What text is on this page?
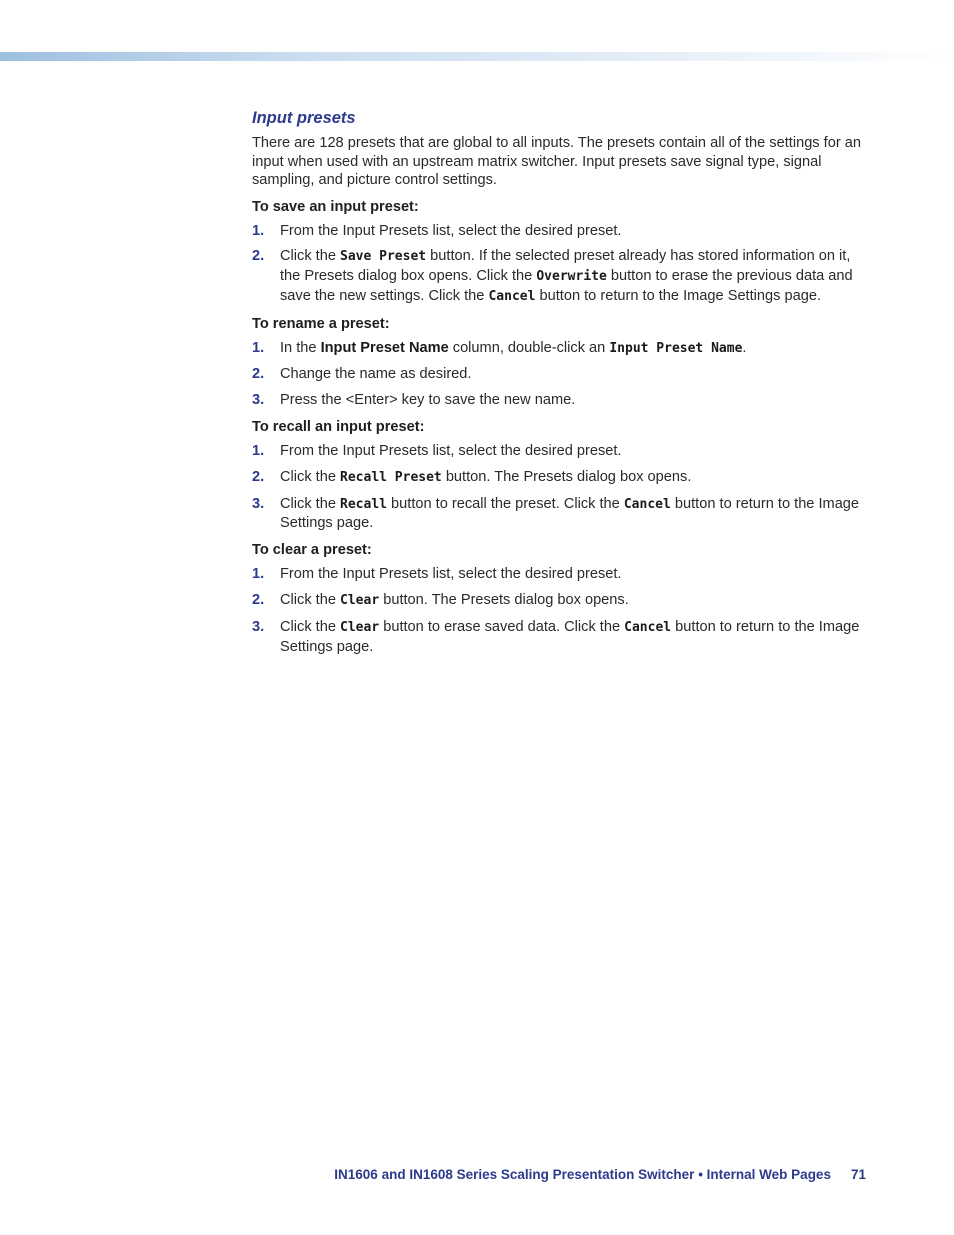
Input presets

There are 128 presets that are global to all inputs. The presets contain all of the settings for an input when used with an upstream matrix switcher. Input presets save signal type, signal sampling, and picture control settings.

To save an input preset:
1. From the Input Presets list, select the desired preset.
2. Click the Save Preset button. If the selected preset already has stored information on it, the Presets dialog box opens. Click the Overwrite button to erase the previous data and save the new settings. Click the Cancel button to return to the Image Settings page.
To rename a preset:
1. In the Input Preset Name column, double-click an Input Preset Name.
2. Change the name as desired.
3. Press the <Enter> key to save the new name.
To recall an input preset:
1. From the Input Presets list, select the desired preset.
2. Click the Recall Preset button. The Presets dialog box opens.
3. Click the Recall button to recall the preset. Click the Cancel button to return to the Image Settings page.
To clear a preset:
1. From the Input Presets list, select the desired preset.
2. Click the Clear button. The Presets dialog box opens.
3. Click the Clear button to erase saved data. Click the Cancel button to return to the Image Settings page.
IN1606 and IN1608 Series Scaling Presentation Switcher • Internal Web Pages 71
